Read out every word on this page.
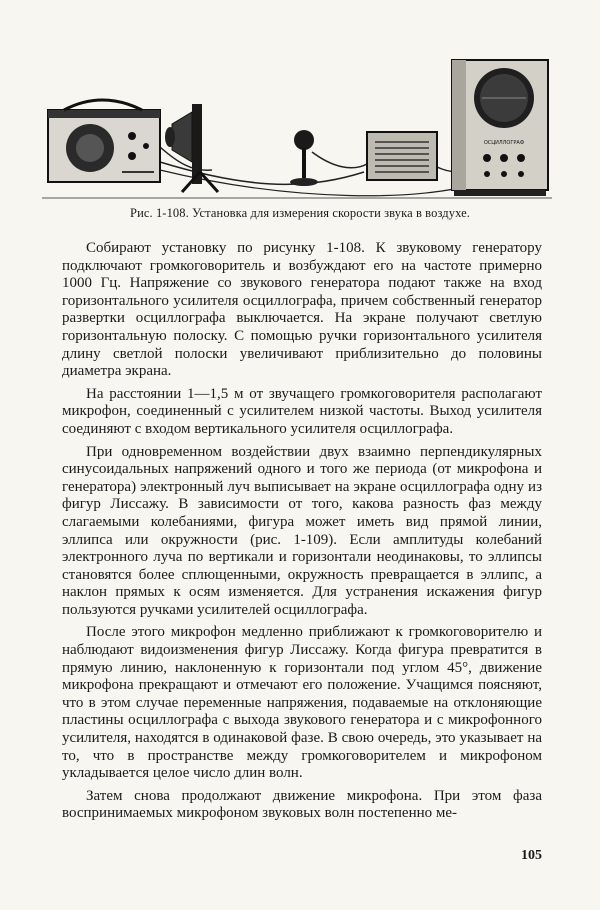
ОСЦИЛЛОГРАФ
Рис. 1-108. Установка для измерения скорости звука в воздухе.

Собирают установку по рисунку 1-108. К звуковому генератору подключают громкоговоритель и возбуждают его на частоте примерно 1000 Гц. Напряжение со звукового генератора подают также на вход горизонтального усилителя осциллографа, причем собственный генератор развертки осциллографа выключается. На экране получают светлую горизонтальную полоску. С помощью ручки горизонтального усилителя длину светлой полоски увеличивают приблизительно до половины диаметра экрана.

На расстоянии 1—1,5 м от звучащего громкоговорителя располагают микрофон, соединенный с усилителем низкой частоты. Выход усилителя соединяют с входом вертикального усилителя осциллографа.

При одновременном воздействии двух взаимно перпендикулярных синусоидальных напряжений одного и того же периода (от микрофона и генератора) электронный луч выписывает на экране осциллографа одну из фигур Лиссажу. В зависимости от того, какова разность фаз между слагаемыми колебаниями, фигура может иметь вид прямой линии, эллипса или окружности (рис. 1-109). Если амплитуды колебаний электронного луча по вертикали и горизонтали неодинаковы, то эллипсы становятся более сплющенными, окружность превращается в эллипс, а наклон прямых к осям изменяется. Для устранения искажения фигур пользуются ручками усилителей осциллографа.

После этого микрофон медленно приближают к громкоговорителю и наблюдают видоизменения фигур Лиссажу. Когда фигура превратится в прямую линию, наклоненную к горизонтали под углом 45°, движение микрофона прекращают и отмечают его положение. Учащимся поясняют, что в этом случае переменные напряжения, подаваемые на отклоняющие пластины осциллографа с выхода звукового генератора и с микрофонного усилителя, находятся в одинаковой фазе. В свою очередь, это указывает на то, что в пространстве между громкоговорителем и микрофоном укладывается целое число длин волн.

Затем снова продолжают движение микрофона. При этом фаза воспринимаемых микрофоном звуковых волн постепенно ме-

105
